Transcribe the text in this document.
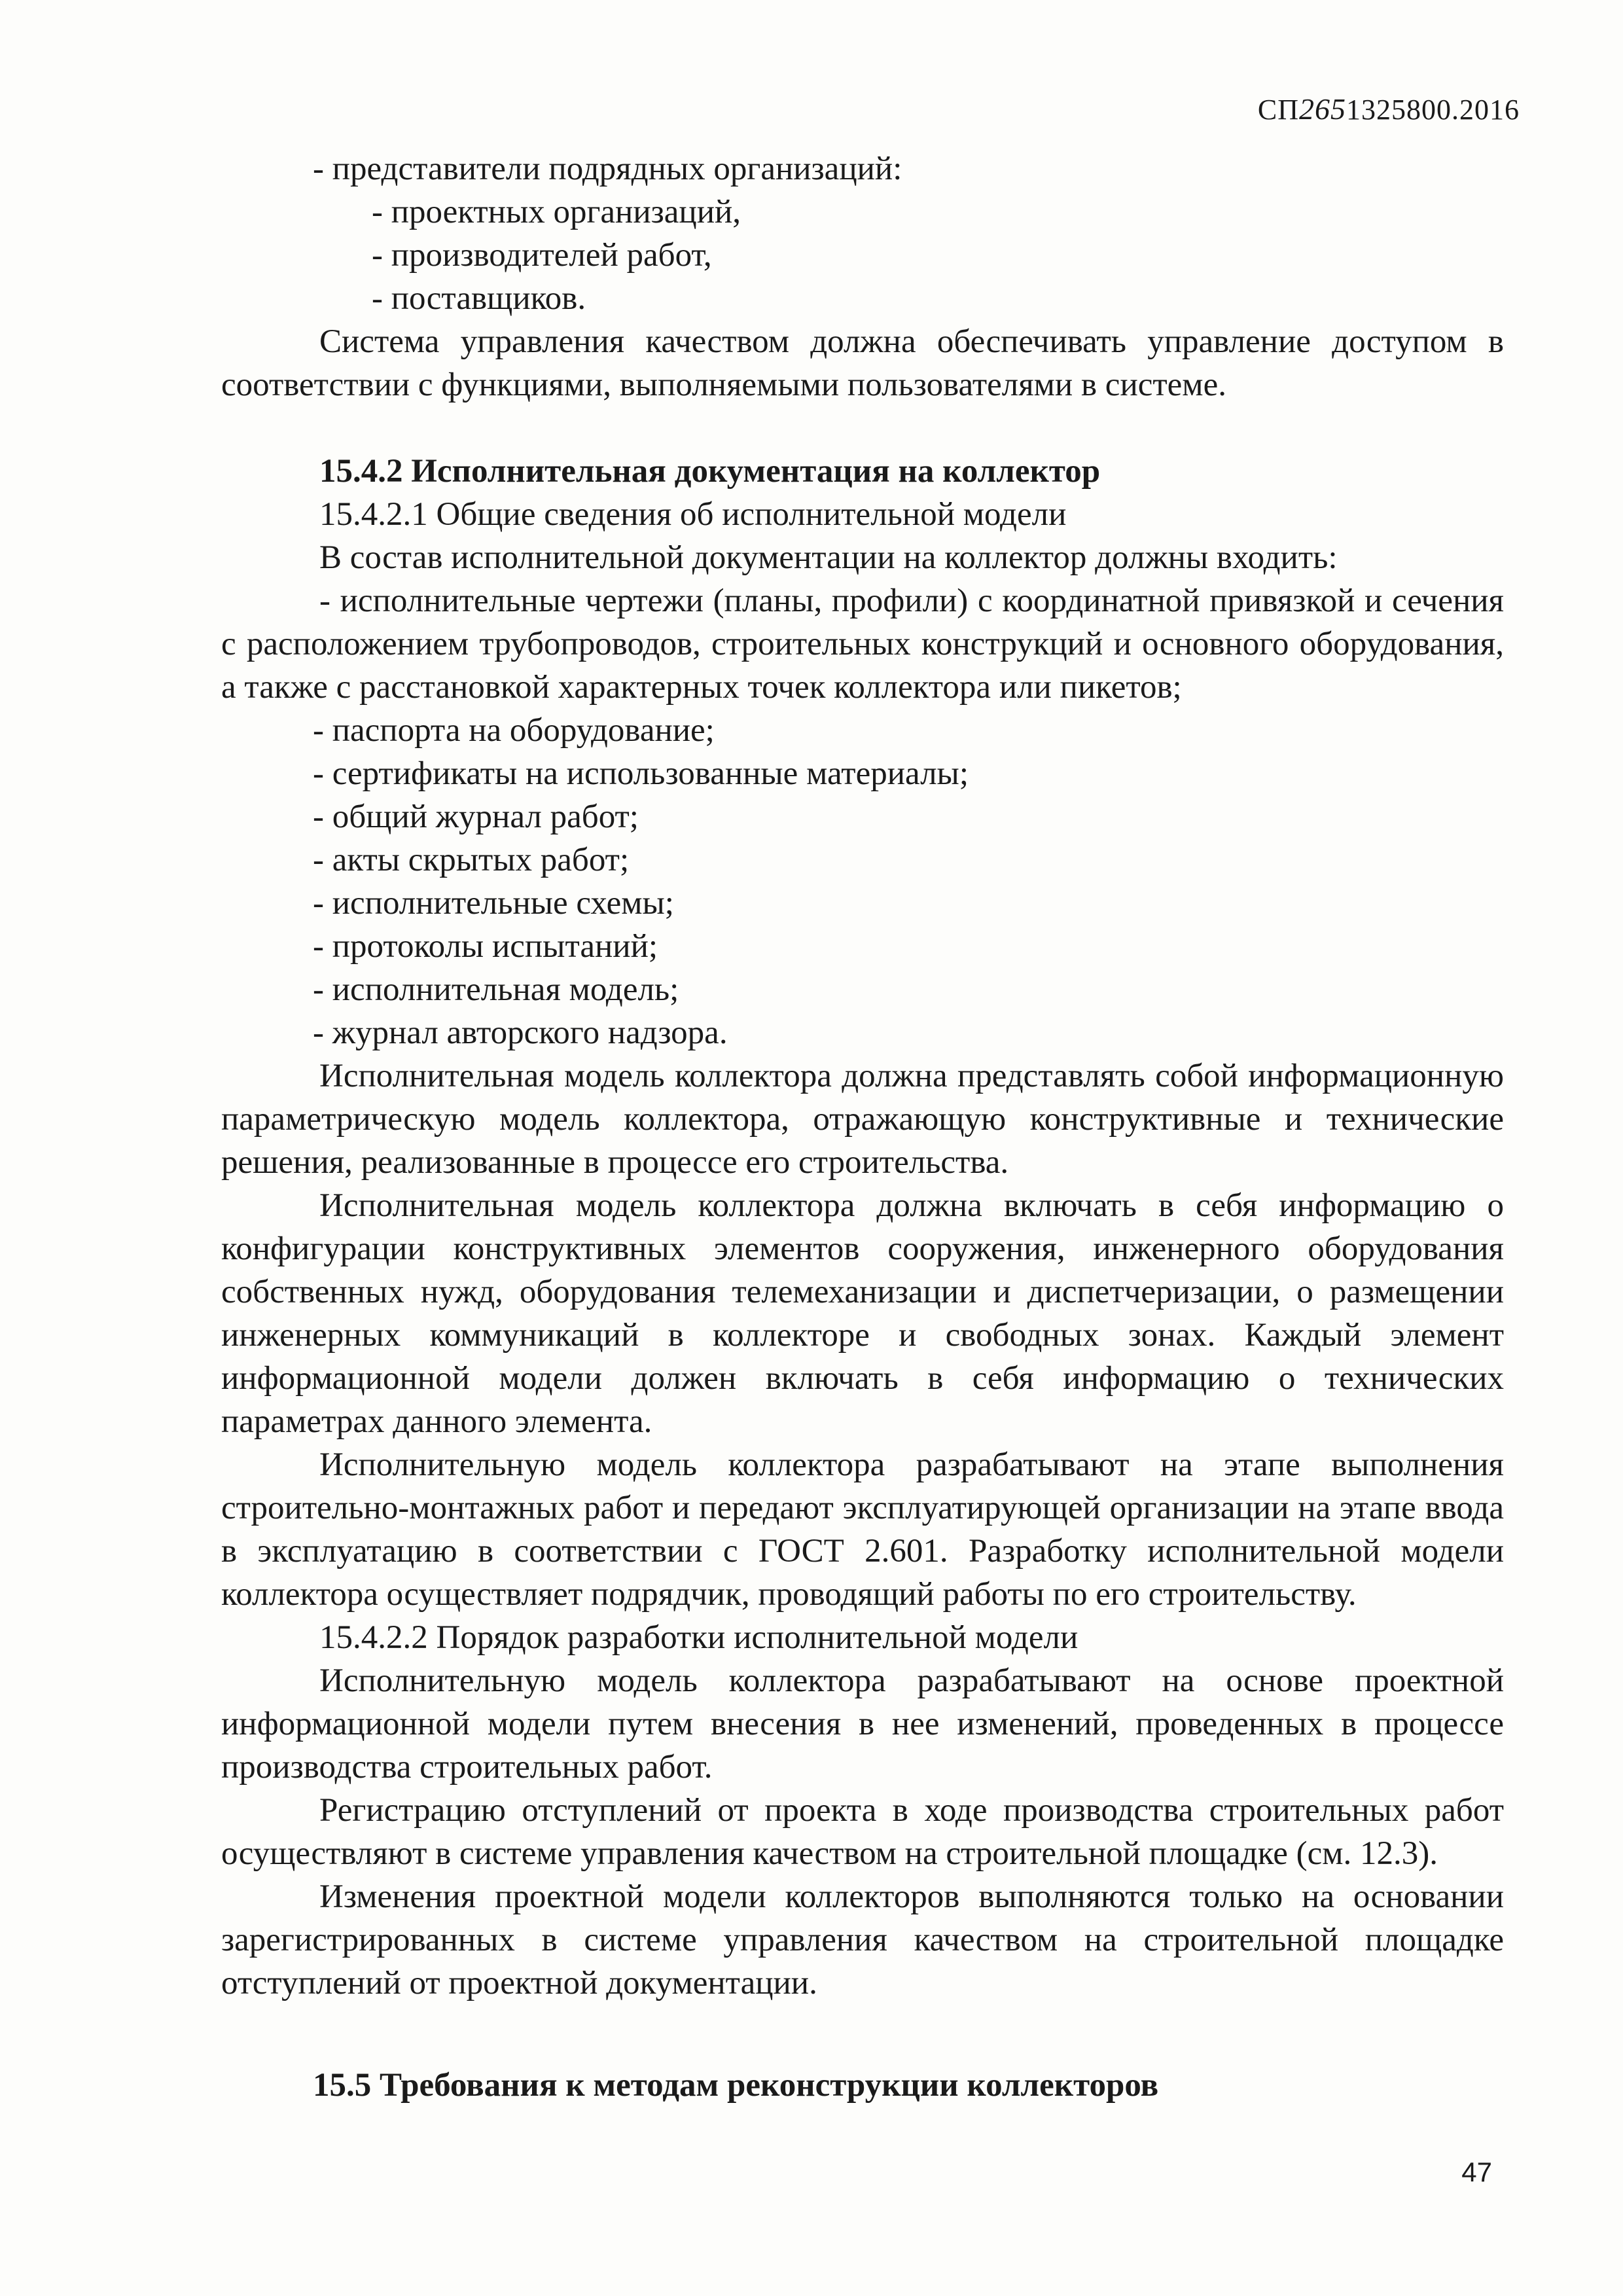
СП2651325800.2016

- представители подрядных организаций:

- проектных организаций,

- производителей работ,

- поставщиков.

Система управления качеством должна обеспечивать управление доступом в соответствии с функциями, выполняемыми пользователями в системе.

15.4.2 Исполнительная документация на коллектор

15.4.2.1 Общие сведения об исполнительной модели

В состав исполнительной документации на коллектор должны входить:

- исполнительные чертежи (планы, профили) с координатной привязкой и сечения с расположением трубопроводов, строительных конструкций и основного оборудования, а также с расстановкой характерных точек коллектора или пикетов;

- паспорта на оборудование;

- сертификаты на использованные материалы;

- общий журнал работ;

- акты скрытых работ;

- исполнительные схемы;

- протоколы испытаний;

- исполнительная модель;

- журнал авторского надзора.

Исполнительная модель коллектора должна представлять собой информационную параметрическую модель коллектора, отражающую конструктивные и технические решения, реализованные в процессе его строительства.

Исполнительная модель коллектора должна включать в себя информацию о конфигурации конструктивных элементов сооружения, инженерного оборудования собственных нужд, оборудования телемеханизации и диспетчеризации, о размещении инженерных коммуникаций в коллекторе и свободных зонах. Каждый элемент информационной модели должен включать в себя информацию о технических параметрах данного элемента.

Исполнительную модель коллектора разрабатывают на этапе выполнения строительно-монтажных работ и передают эксплуатирующей организации на этапе ввода в эксплуатацию в соответствии с ГОСТ 2.601. Разработку исполнительной модели коллектора осуществляет подрядчик, проводящий работы по его строительству.

15.4.2.2 Порядок разработки исполнительной модели

Исполнительную модель коллектора разрабатывают на основе проектной информационной модели путем внесения в нее изменений, проведенных в процессе производства строительных работ.

Регистрацию отступлений от проекта в ходе производства строительных работ осуществляют в системе управления качеством на строительной площадке (см. 12.3).

Изменения проектной модели коллекторов выполняются только на основании зарегистрированных в системе управления качеством на строительной площадке отступлений от проектной документации.

15.5 Требования к методам реконструкции коллекторов

47
